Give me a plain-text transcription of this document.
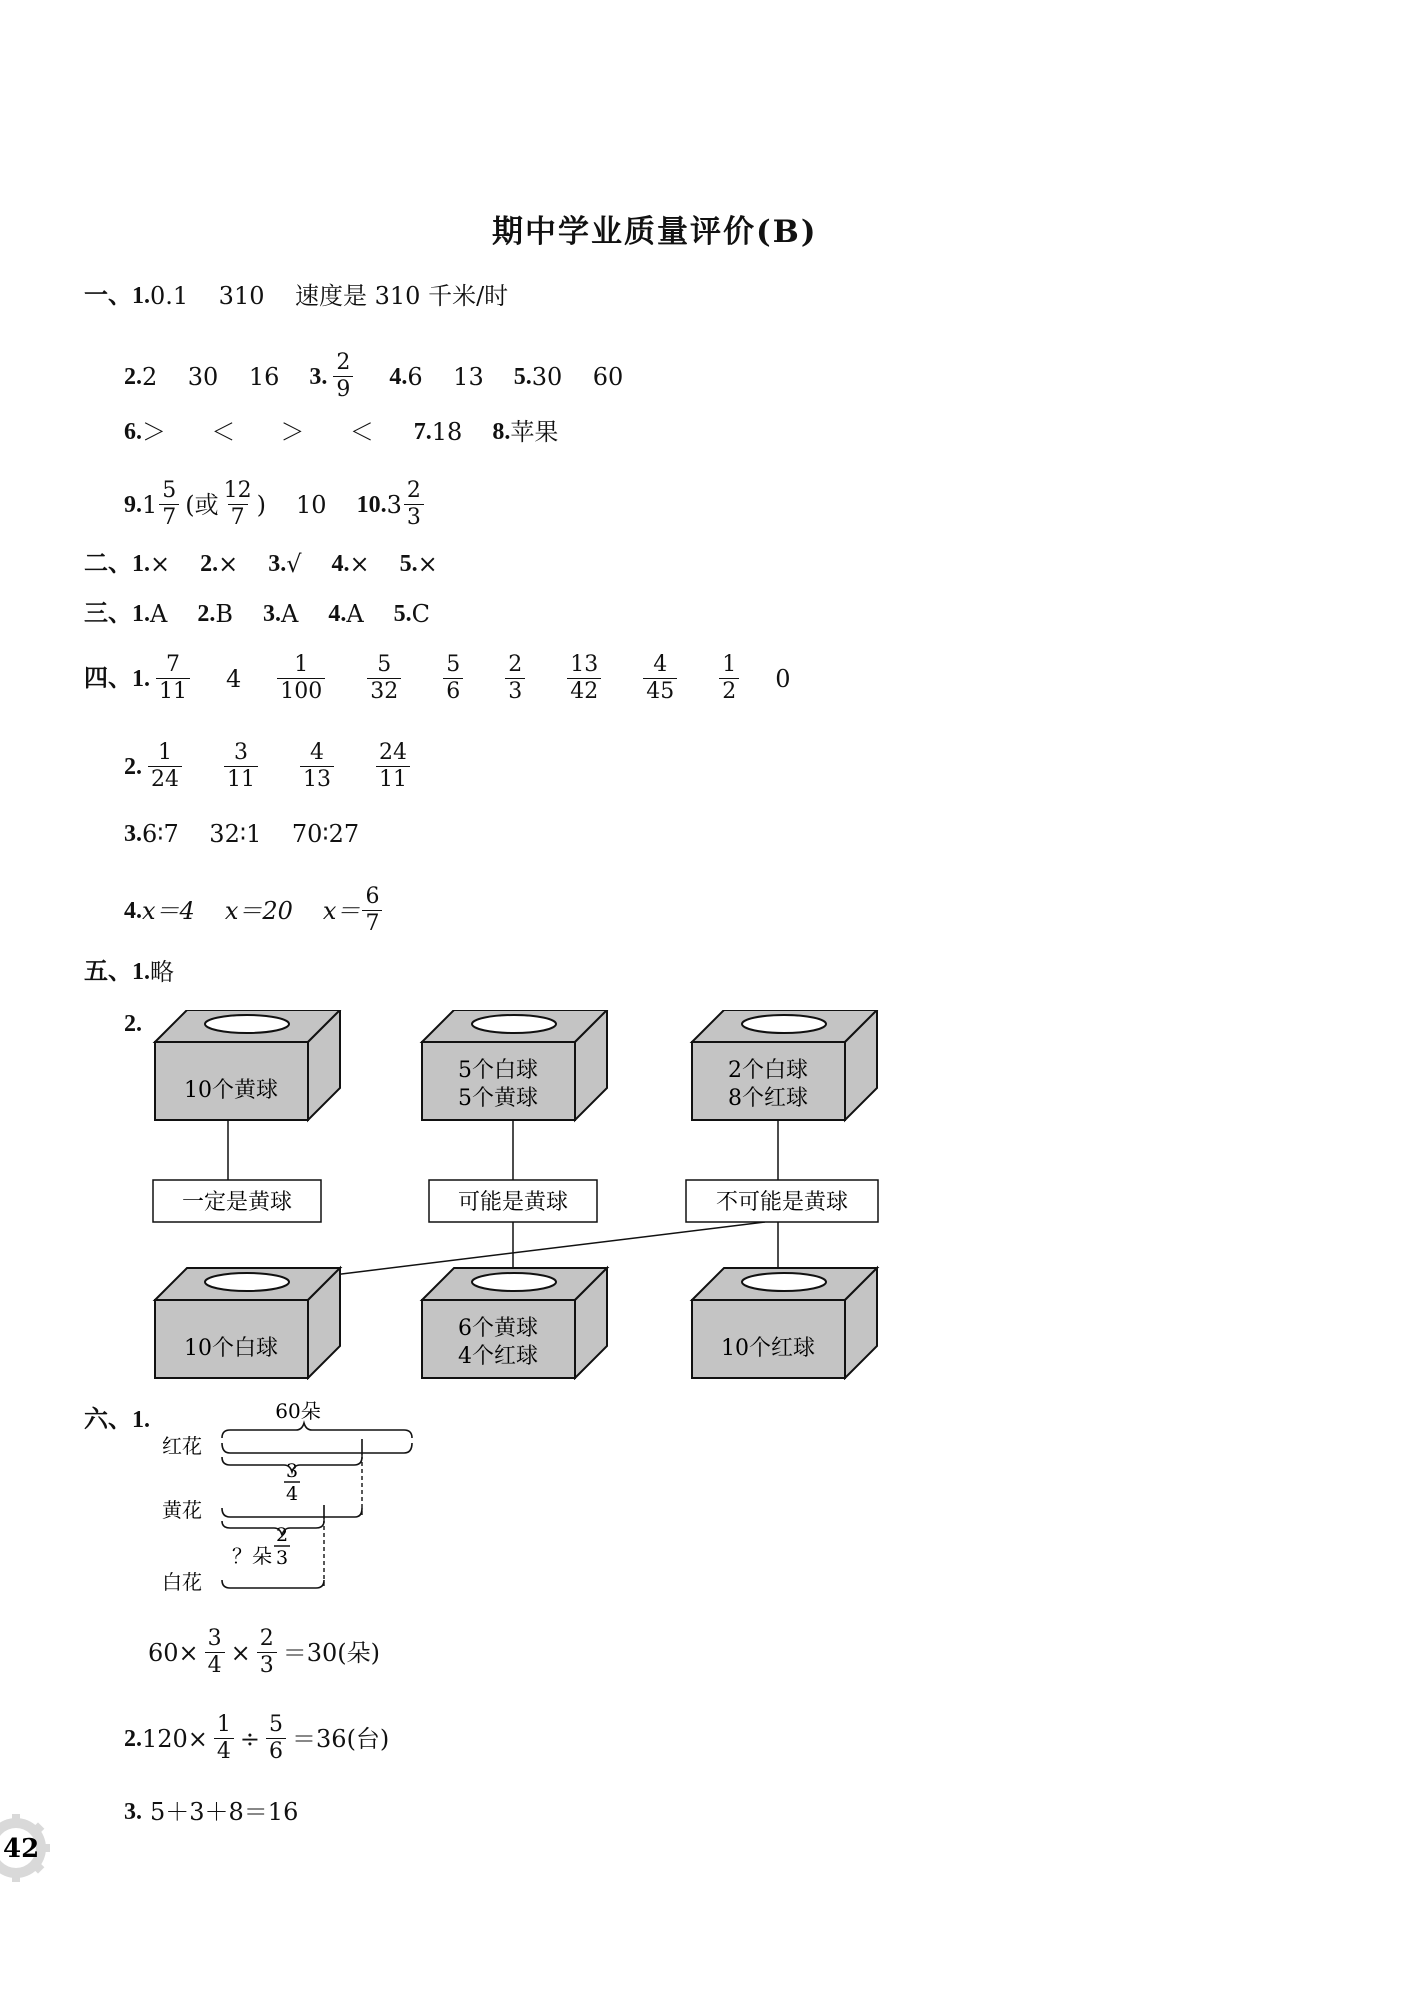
期中学业质量评价(B)
一、 1. 0.1    310    速度是 310 千米/时
2. 2    30    16 3. $\frac{2}{9} 4$. 6    13 5. 30    60
6. ＞  ＜  ＞  ＜ 7. 18 8. 苹果
9. $1 \frac{5}{7}$ (或 $\frac{12}{7}$ ) 10 10. $3 \frac{2}{3}$
二、 1. × 2. × 3. √ 4. × 5. ×
三、 1. A 2. B 3. A 4. A 5. C
四、 1. $\frac{7}{11} 4 \frac{1}{100} \frac{5}{32} \frac{5}{6} \frac{2}{3} \frac{13}{42} \frac{4}{45} \frac{1}{2} 0$
2. $\frac{1}{24} \frac{3}{11} \frac{4}{13} \frac{24}{11}$
3. 6∶7    32∶1    70∶27
4. x＝4 x＝20 $x= \frac{6}{7}$
五、 1. 略
2.
10个黄球
5个白球
5个黄球
2个白球
8个红球
一定是黄球	可能是黄球	不可能是黄球
10个白球
6个黄球
4个红球	10个红球
六、 1.	60朵
红花
黄花
白花
？朵
3
4
2
3
$60\times \frac{3}{4} \times \frac{2}{3} =30$(朵)
2. $120\times \frac{1}{4} \div \frac{5}{6} =36$(台)
3. 5＋3＋8＝16
42
